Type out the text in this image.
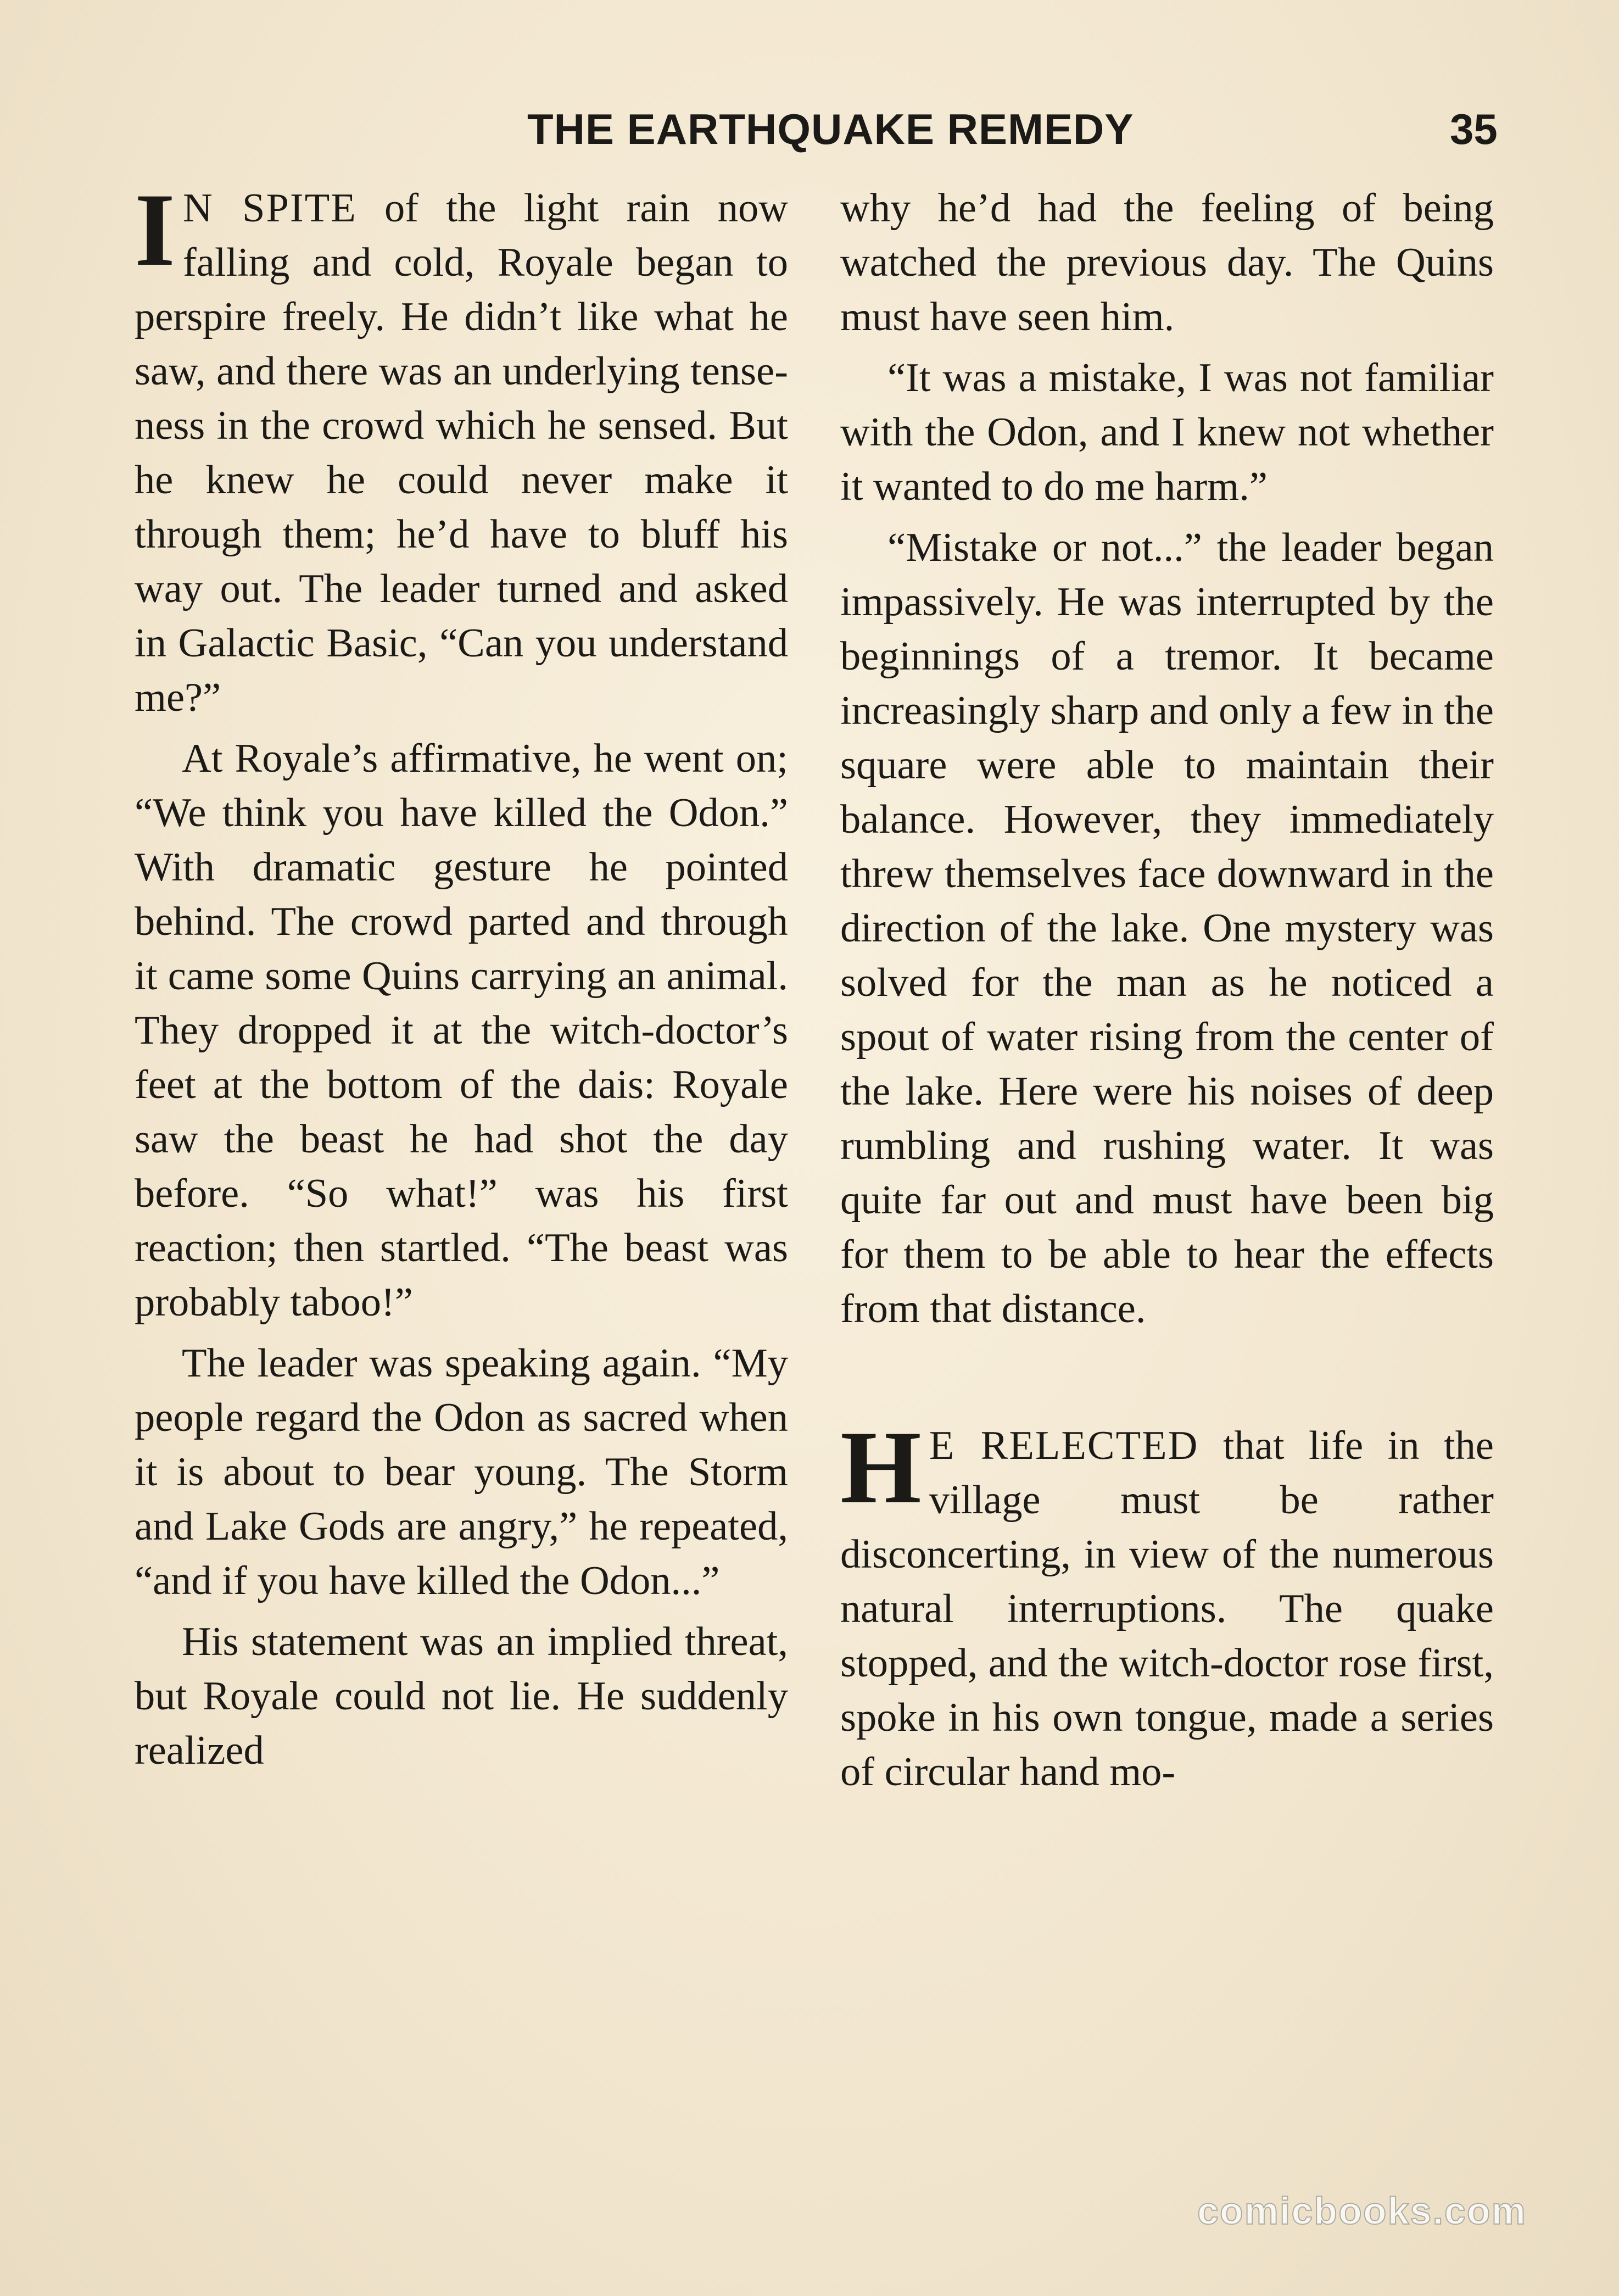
THE EARTHQUAKE REMEDY	35

I N SPITE of the light rain now falling and cold, Royale began to perspire freely. He didn’t like what he saw, and there was an underlying tenseness in the crowd which he sensed. But he knew he could never make it through them; he’d have to bluff his way out. The leader turned and asked in Galactic Basic, “Can you understand me?”

At Royale’s affirmative, he went on; “We think you have killed the Odon.” With dramatic gesture he pointed behind. The crowd parted and through it came some Quins carrying an animal. They dropped it at the witch-doctor’s feet at the bottom of the dais: Royale saw the beast he had shot the day before. “So what!” was his first reaction; then startled. “The beast was probably taboo!”

The leader was speaking again. “My people regard the Odon as sacred when it is about to bear young. The Storm and Lake Gods are angry,” he repeated, “and if you have killed the Odon...”

His statement was an implied threat, but Royale could not lie. He suddenly realized

why he’d had the feeling of being watched the previous day. The Quins must have seen him.

“It was a mistake, I was not familiar with the Odon, and I knew not whether it wanted to do me harm.”

“Mistake or not...” the leader began impassively. He was interrupted by the beginnings of a tremor. It became increasingly sharp and only a few in the square were able to maintain their balance. However, they immediately threw themselves face downward in the direction of the lake. One mystery was solved for the man as he noticed a spout of water rising from the center of the lake. Here were his noises of deep rumbling and rushing water. It was quite far out and must have been big for them to be able to hear the effects from that distance.

H E RELECTED that life in the village must be rather disconcerting, in view of the numerous natural interruptions. The quake stopped, and the witch-doctor rose first, spoke in his own tongue, made a series of circular hand mo-

comicbooks.com
